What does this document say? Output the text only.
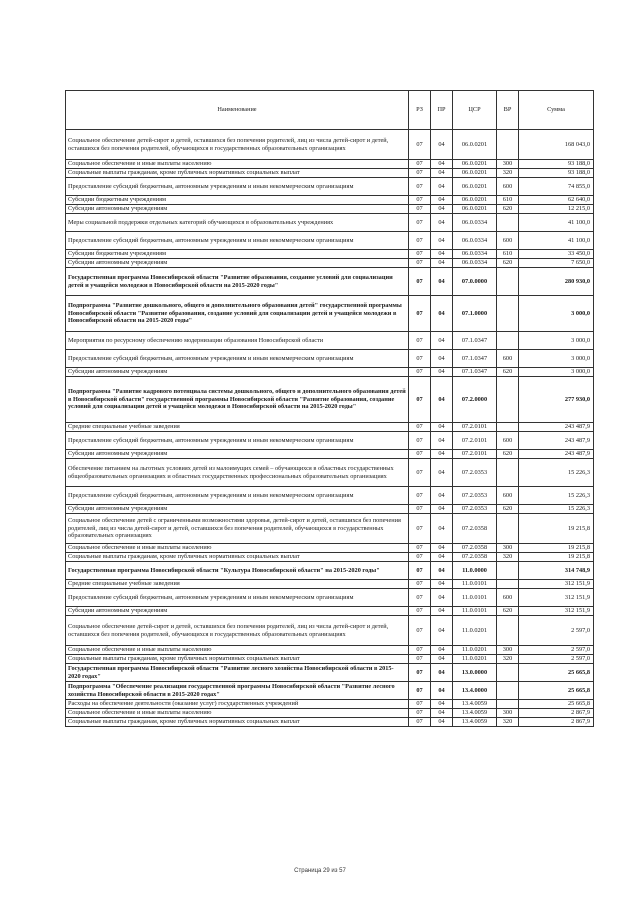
Наименование	РЗ	ПР	ЦСР	ВР	Сумма
Социальное обеспечение детей-сирот и детей, оставшихся без попечения родителей, лиц из числа детей-сирот и детей, оставшихся без попечения родителей, обучающихся в государственных образовательных организациях	07	04	06.0.0201		168 043,0
Социальное обеспечение и иные выплаты населению	07	04	06.0.0201	300	93 188,0
Социальные выплаты гражданам, кроме публичных нормативных социальных выплат	07	04	06.0.0201	320	93 188,0
Предоставление субсидий бюджетным, автономным учреждениям и иным некоммерческим организациям	07	04	06.0.0201	600	74 855,0
Субсидии бюджетным учреждениям	07	04	06.0.0201	610	62 640,0
Субсидии автономным учреждениям	07	04	06.0.0201	620	12 215,0
Меры социальной поддержки отдельных категорий обучающихся в образовательных учреждениях	07	04	06.0.0334		41 100,0
Предоставление субсидий бюджетным, автономным учреждениям и иным некоммерческим организациям	07	04	06.0.0334	600	41 100,0
Субсидии бюджетным учреждениям	07	04	06.0.0334	610	33 450,0
Субсидии автономным учреждениям	07	04	06.0.0334	620	7 650,0
Государственная программа Новосибирской области "Развитие образования, создание условий для социализации детей и учащейся молодежи в Новосибирской области на 2015-2020 годы"	07	04	07.0.0000		280 930,0
Подпрограмма "Развитие дошкольного, общего и дополнительного образования детей" государственной программы Новосибирской области "Развитие образования, создание условий для социализации детей и учащейся молодежи в Новосибирской области на 2015-2020 годы"	07	04	07.1.0000		3 000,0
Мероприятия по ресурсному обеспечению модернизации образования Новосибирской области	07	04	07.1.0347		3 000,0
Предоставление субсидий бюджетным, автономным учреждениям и иным некоммерческим организациям	07	04	07.1.0347	600	3 000,0
Субсидии автономным учреждениям	07	04	07.1.0347	620	3 000,0
Подпрограмма "Развитие кадрового потенциала системы дошкольного, общего и дополнительного образования детей в Новосибирской области" государственной программы Новосибирской области "Развитие образования, создание условий для социализации детей и учащейся молодежи в Новосибирской области на 2015-2020 годы"	07	04	07.2.0000		277 930,0
Средние специальные учебные заведения	07	04	07.2.0101		243 487,9
Предоставление субсидий бюджетным, автономным учреждениям и иным некоммерческим организациям	07	04	07.2.0101	600	243 487,9
Субсидии автономным учреждениям	07	04	07.2.0101	620	243 487,9
Обеспечение питанием на льготных условиях детей из малоимущих семей – обучающихся в областных государственных общеобразовательных организациях и областных государственных профессиональных образовательных организациях	07	04	07.2.0353		15 226,3
Предоставление субсидий бюджетным, автономным учреждениям и иным некоммерческим организациям	07	04	07.2.0353	600	15 226,3
Субсидии автономным учреждениям	07	04	07.2.0353	620	15 226,3
Социальное обеспечение детей с ограниченными возможностями здоровья, детей-сирот и детей, оставшихся без попечения родителей, лиц из числа детей-сирот и детей, оставшихся без попечения родителей, обучающихся в государственных образовательных организациях	07	04	07.2.0358		19 215,8
Социальное обеспечение и иные выплаты населению	07	04	07.2.0358	300	19 215,8
Социальные выплаты гражданам, кроме публичных нормативных социальных выплат	07	04	07.2.0358	320	19 215,8
Государственная программа Новосибирской области "Культура Новосибирской области" на 2015-2020 годы"	07	04	11.0.0000		314 748,9
Средние специальные учебные заведения	07	04	11.0.0101		312 151,9
Предоставление субсидий бюджетным, автономным учреждениям и иным некоммерческим организациям	07	04	11.0.0101	600	312 151,9
Субсидии автономным учреждениям	07	04	11.0.0101	620	312 151,9
Социальное обеспечение детей-сирот и детей, оставшихся без попечения родителей, лиц из числа детей-сирот и детей, оставшихся без попечения родителей, обучающихся в государственных образовательных организациях	07	04	11.0.0201		2 597,0
Социальное обеспечение и иные выплаты населению	07	04	11.0.0201	300	2 597,0
Социальные выплаты гражданам, кроме публичных нормативных социальных выплат	07	04	11.0.0201	320	2 597,0
Государственная программа Новосибирской области "Развитие лесного хозяйства Новосибирской области в 2015-2020 годах"	07	04	13.0.0000		25 665,8
Подпрограмма "Обеспечение реализации государственной программы Новосибирской области "Развитие лесного хозяйства Новосибирской области в 2015-2020 годах"	07	04	13.4.0000		25 665,8
Расходы на обеспечение деятельности (оказание услуг) государственных учреждений	07	04	13.4.0059		25 665,8
Социальное обеспечение и иные выплаты населению	07	04	13.4.0059	300	2 867,9
Социальные выплаты гражданам, кроме публичных нормативных социальных выплат	07	04	13.4.0059	320	2 867,9
Страница 29 из 57
